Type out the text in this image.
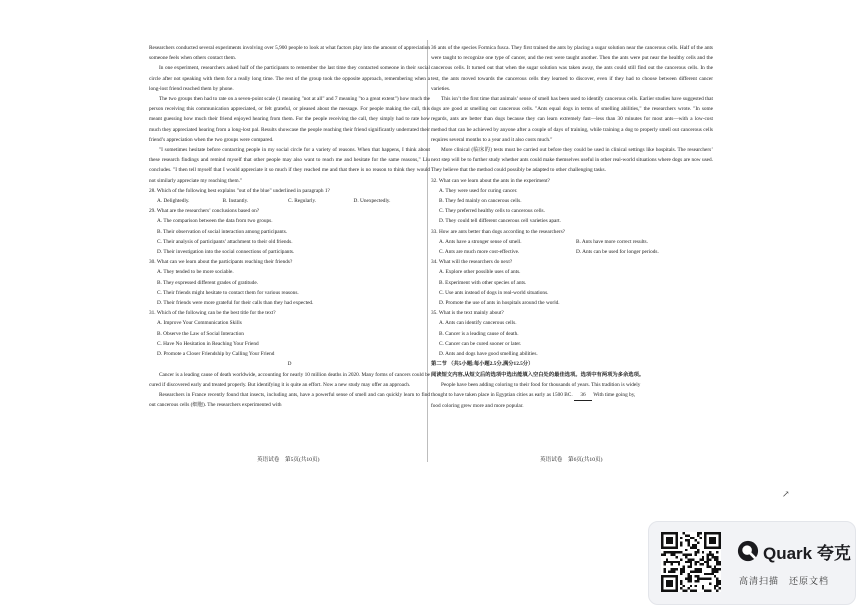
Researchers conducted several experiments involving over 5,900 people to look at what factors play into the amount of appreciation someone feels when others contact them.

In one experiment, researchers asked half of the participants to remember the last time they contacted someone in their social circle after not speaking with them for a really long time. The rest of the group took the opposite approach, remembering when a long-lost friend reached them by phone.

The two groups then had to rate on a seven-point scale (1 meaning "not at all" and 7 meaning "to a great extent") how much the person receiving this communication appreciated, or felt grateful, or pleased about the message. For people making the call, this meant guessing how much their friend enjoyed hearing from them. For the people receiving the call, they simply had to rate how much they appreciated hearing from a long-lost pal. Results showcase the people reaching their friend significantly underrated their friend’s appreciation when the two groups were compared.

"I sometimes hesitate before contacting people in my social circle for a variety of reasons. When that happens, I think about these research findings and remind myself that other people may also want to reach me and hesitate for the same reasons," Liu concludes. "I then tell myself that I would appreciate it so much if they reached me and that there is no reason to think they would not similarly appreciate my reaching them."

28. Which of the following best explains "out of the blue" underlined in paragraph 1?

A. Delightedly.	B. Instantly.	C. Regularly.	D. Unexpectedly.

29. What are the researchers’ conclusions based on?

A. The comparison between the data from two groups.

B. Their observation of social interaction among participants.

C. Their analysis of participants’ attachment to their old friends.

D. Their investigation into the social connections of participants.

30. What can we learn about the participants reaching their friends?

A. They tended to be more sociable.

B. They expressed different grades of gratitude.

C. Their friends might hesitate to contact them for various reasons.

D. Their friends were more grateful for their calls than they had expected.

31. Which of the following can be the best title for the text?

A. Improve Your Communication Skills

B. Observe the Law of Social Interaction

C. Have No Hesitation in Reaching Your Friend

D. Promote a Closer Friendship by Calling Your Friend

D

Cancer is a leading cause of death worldwide, accounting for nearly 10 million deaths in 2020. Many forms of cancers could be cured if discovered early and treated properly. But identifying it is quite an effort. Now a new study may offer an approach.

Researchers in France recently found that insects, including ants, have a powerful sense of smell and can quickly learn to find out cancerous cells (细胞). The researchers experimented with

36 ants of the species Formica fusca. They first trained the ants by placing a sugar solution near the cancerous cells. Half of the ants were taught to recognize one type of cancer, and the rest were taught another. Then the ants were put near the healthy cells and the cancerous cells. It turned out that when the sugar solution was taken away, the ants could still find out the cancerous cells. In the test, the ants moved towards the cancerous cells they learned to discover, even if they had to choose between different cancer varieties.

This isn’t the first time that animals’ sense of smell has been used to identify cancerous cells. Earlier studies have suggested that dogs are good at smelling out cancerous cells. "Ants equal dogs in terms of smelling abilities," the researchers wrote. "In some regards, ants are better than dogs because they can learn extremely fast—less than 30 minutes for most ants—with a low-cost method that can be achieved by anyone after a couple of days of training, while training a dog to properly smell out cancerous cells requires several months to a year and it also costs much."

More clinical (临床的) tests must be carried out before they could be used in clinical settings like hospitals. The researchers’ next step will be to further study whether ants could make themselves useful in other real-world situations where dogs are now used. They believe that the method could possibly be adapted to other challenging tasks.

32. What can we learn about the ants in the experiment?

A. They were used for curing cancer.

B. They fed mainly on cancerous cells.

C. They preferred healthy cells to cancerous cells.

D. They could tell different cancerous cell varieties apart.

33. How are ants better than dogs according to the researchers?

A. Ants have a stronger sense of smell.	B. Ants have more correct results.

C. Ants are much more cost-effective.	D. Ants can be used for longer periods.

34. What will the researchers do next?

A. Explore other possible uses of ants.

B. Experiment with other species of ants.

C. Use ants instead of dogs in real-world situations.

D. Promote the use of ants in hospitals around the world.

35. What is the text mainly about?

A. Ants can identify cancerous cells.

B. Cancer is a leading cause of death.

C. Cancer can be cured sooner or later.

D. Ants and dogs have good smelling abilities.

第二节 （共5小题;每小题2.5分,满分12.5分）

阅读短文内容,从短文后的选项中选出能填入空白处的最佳选项。选项中有两项为多余选项。

People have been adding coloring to their food for thousands of years. This tradition is widely

thought to have taken place in Egyptian cities as early as 1500 BC. 36 With time going by,

food coloring grew more and more popular.

英语试卷　第5页(共10页)	英语试卷　第6页(共10页)
↗
Quark 夸克
高清扫描　还原文档
